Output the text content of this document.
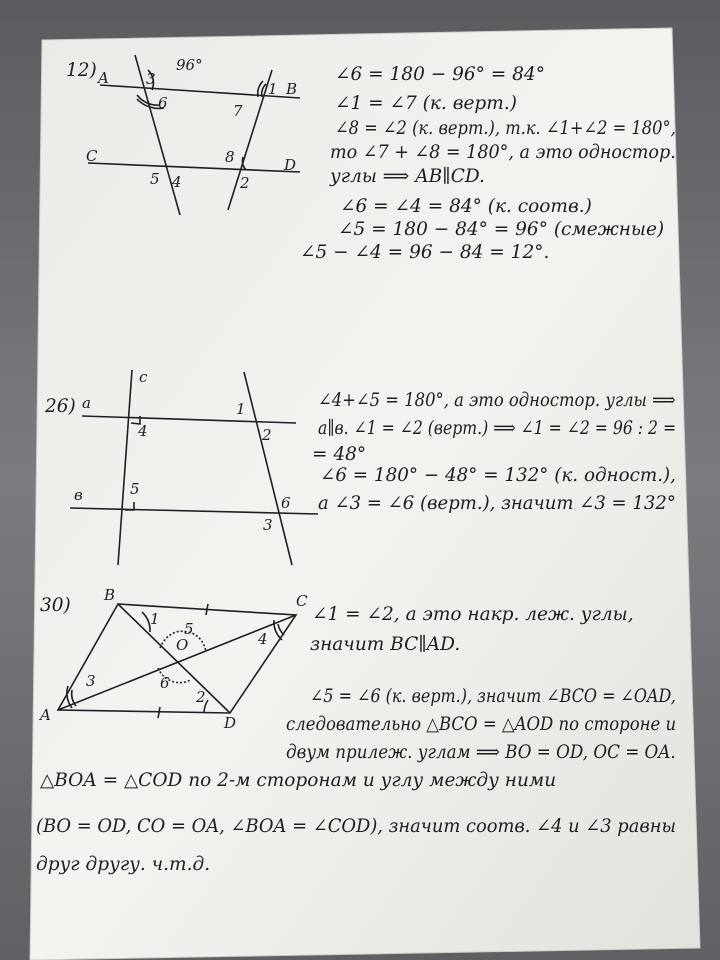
12)
26)
30)
A
B
C	D
96°
3
6	7
1
8
2
5 4
∠6 = 180 − 96° = 84°
∠1 = ∠7 (к. верт.)
∠8 = ∠2 (к. верт.), т.к. ∠1+∠2 = 180°,
то ∠7 + ∠8 = 180°, а это одностор.
углы ⟹ AB∥CD.
∠6 = ∠4 = 84° (к. соотв.)
∠5 = 180 − 84° = 96° (смежные)
∠5 − ∠4 = 96 − 84 = 12°.
a
в
c
1
2
3
4
5
6
∠4+∠5 = 180°, а это одностор. углы ⟹
a∥в. ∠1 = ∠2 (верт.) ⟹ ∠1 = ∠2 = 96 : 2 =
= 48°
∠6 = 180° − 48° = 132° (к. одност.),
а ∠3 = ∠6 (верт.), значит ∠3 = 132°
B	C
A	D
O
1
2
3
4
5
6
∠1 = ∠2, а это накр. леж. углы,
значит BC∥AD.
∠5 = ∠6 (к. верт.), значит ∠BCO = ∠OAD,
следовательно △BCO = △AOD по стороне и
двум прилеж. углам ⟹ BO = OD, OC = OA.
△BOA = △COD по 2-м сторонам и углу между ними
(BO = OD, CO = OA, ∠BOA = ∠COD), значит соотв. ∠4 и ∠3 равны
друг другу. ч.т.д.
